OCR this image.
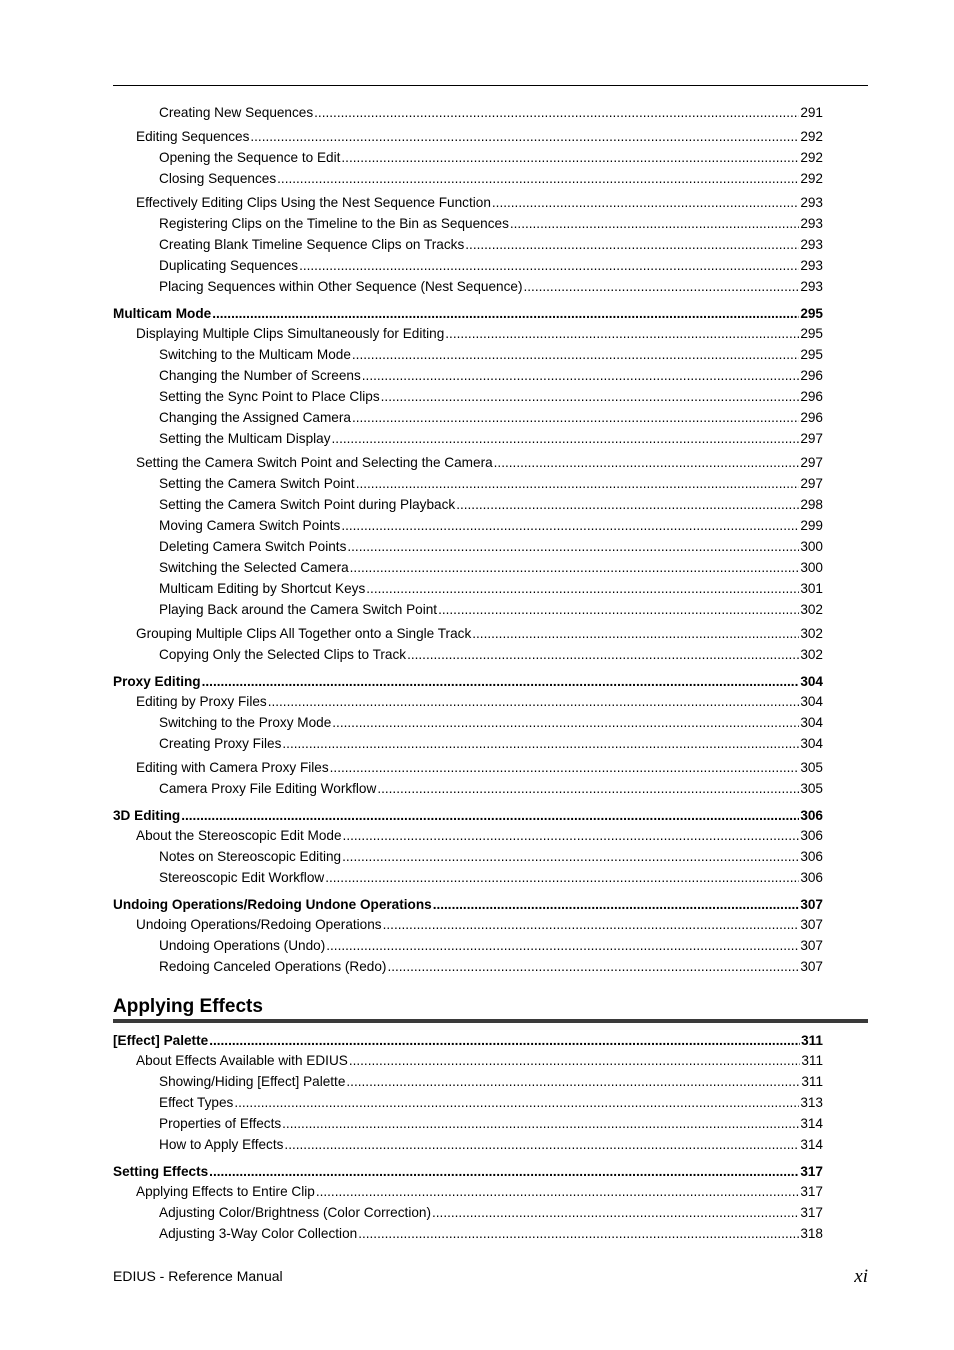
Creating New Sequences .....	291
Editing Sequences .....	292
Opening the Sequence to Edit .....	292
Closing Sequences .....	292
Effectively Editing Clips Using the Nest Sequence Function .....	293
Registering Clips on the Timeline to the Bin as Sequences .....	293
Creating Blank Timeline Sequence Clips on Tracks .....	293
Duplicating Sequences .....	293
Placing Sequences within Other Sequence (Nest Sequence) .....	293
Multicam Mode .....	295
Displaying Multiple Clips Simultaneously for Editing .....	295
Switching to the Multicam Mode .....	295
Changing the Number of Screens .....	296
Setting the Sync Point to Place Clips .....	296
Changing the Assigned Camera .....	296
Setting the Multicam Display .....	297
Setting the Camera Switch Point and Selecting the Camera .....	297
Setting the Camera Switch Point .....	297
Setting the Camera Switch Point during Playback .....	298
Moving Camera Switch Points .....	299
Deleting Camera Switch Points .....	300
Switching the Selected Camera .....	300
Multicam Editing by Shortcut Keys .....	301
Playing Back around the Camera Switch Point .....	302
Grouping Multiple Clips All Together onto a Single Track .....	302
Copying Only the Selected Clips to Track .....	302
Proxy Editing .....	304
Editing by Proxy Files .....	304
Switching to the Proxy Mode .....	304
Creating Proxy Files .....	304
Editing with Camera Proxy Files .....	305
Camera Proxy File Editing Workflow .....	305
3D Editing .....	306
About the Stereoscopic Edit Mode .....	306
Notes on Stereoscopic Editing .....	306
Stereoscopic Edit Workflow .....	306
Undoing Operations/Redoing Undone Operations .....	307
Undoing Operations/Redoing Operations .....	307
Undoing Operations (Undo) .....	307
Redoing Canceled Operations (Redo) .....	307
[Effect] Palette .....	311
About Effects Available with EDIUS .....	311
Showing/Hiding [Effect] Palette .....	311
Effect Types .....	313
Properties of Effects .....	314
How to Apply Effects .....	314
Setting Effects .....	317
Applying Effects to Entire Clip .....	317
Adjusting Color/Brightness (Color Correction) .....	317
Adjusting 3-Way Color Collection .....	318
Applying Effects
EDIUS - Reference Manual	xi
